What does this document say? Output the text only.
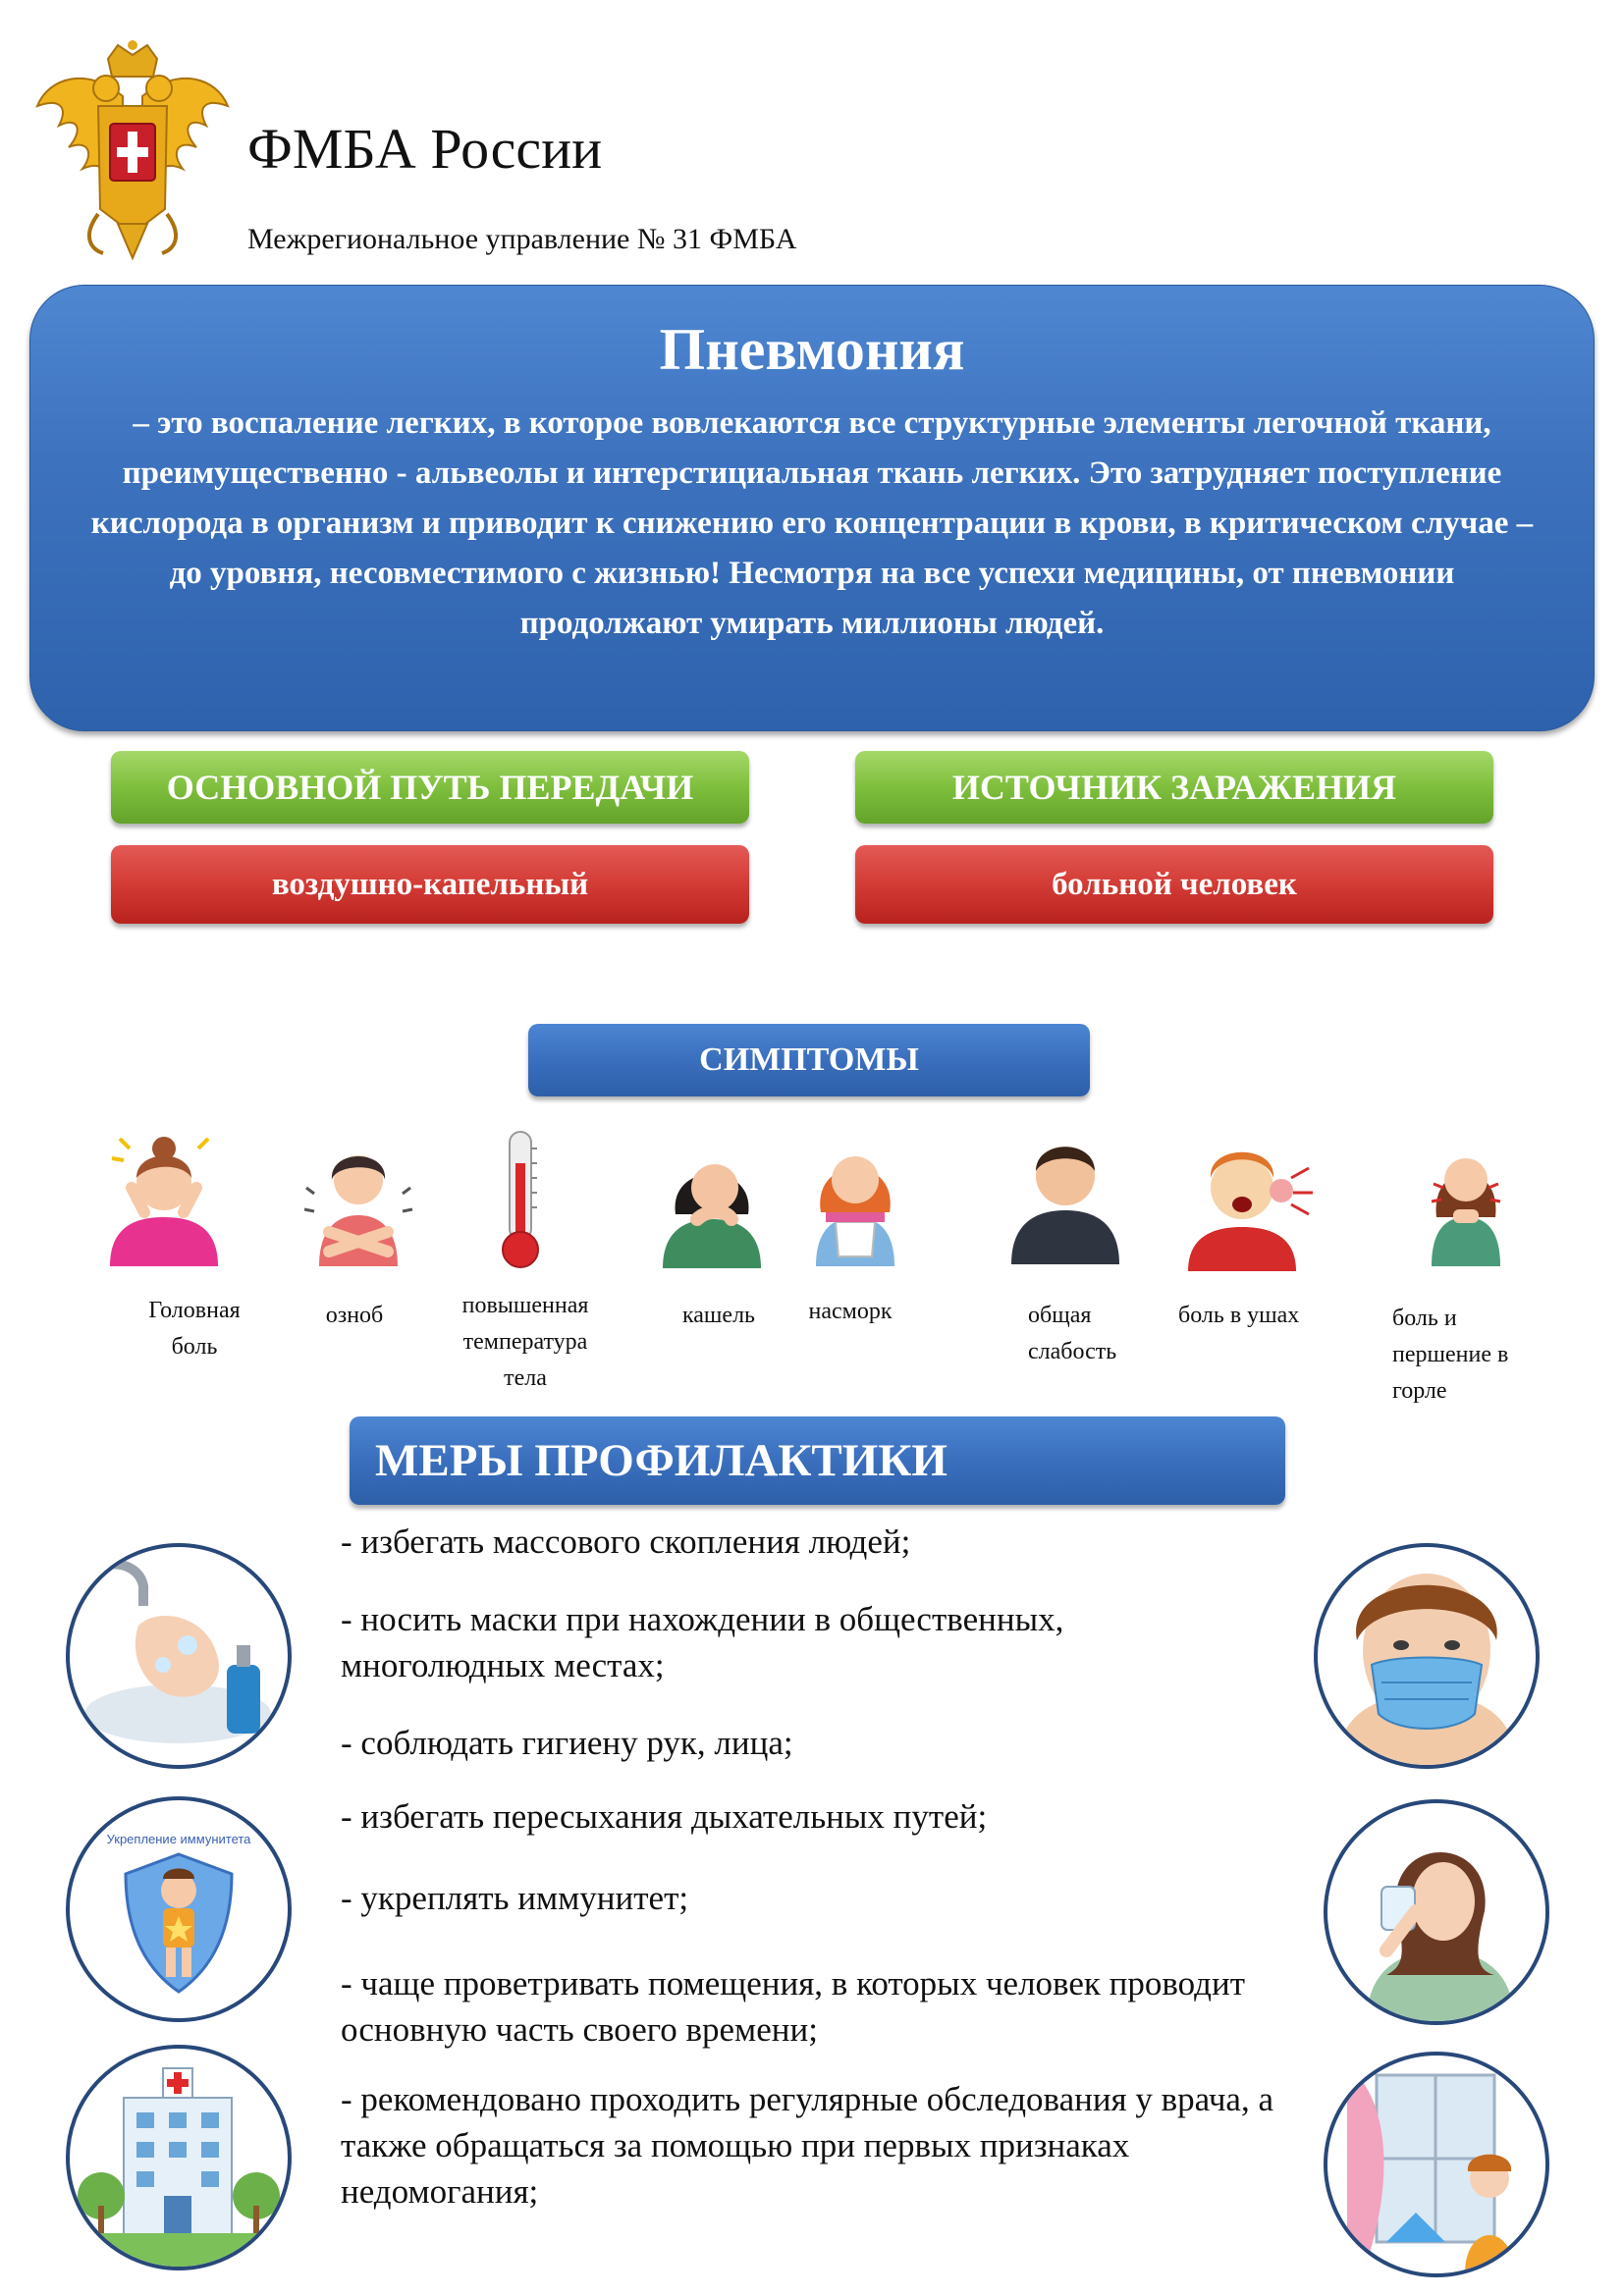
ФМБА России
Межрегиональное управление № 31 ФМБА
Пневмония
– это воспаление легких, в которое вовлекаются все структурные элементы легочной ткани, преимущественно - альвеолы и интерстициальная ткань легких. Это затрудняет поступление кислорода в организм и приводит к снижению его концентрации в крови, в критическом случае – до уровня, несовместимого с жизнью! Несмотря на все успехи медицины, от пневмонии продолжают умирать миллионы людей.
ОСНОВНОЙ ПУТЬ ПЕРЕДАЧИ	ИСТОЧНИК ЗАРАЖЕНИЯ
воздушно-капельный	больной человек
СИМПТОМЫ
Головная боль
озноб	повышенная температура тела
кашель	насморк	общая слабость
боль в ушах	боль и першение в горле
МЕРЫ ПРОФИЛАКТИКИ
- избегать массового скопления людей;
- носить маски при нахождении в общественных, многолюдных местах;
- соблюдать гигиену рук, лица;
- избегать пересыхания дыхательных путей;
- укреплять иммунитет;
- чаще проветривать помещения, в которых человек проводит основную часть своего времени;
- рекомендовано проходить регулярные обследования у врача, а также обращаться за помощью при первых признаках недомогания;
Укрепление иммунитета
